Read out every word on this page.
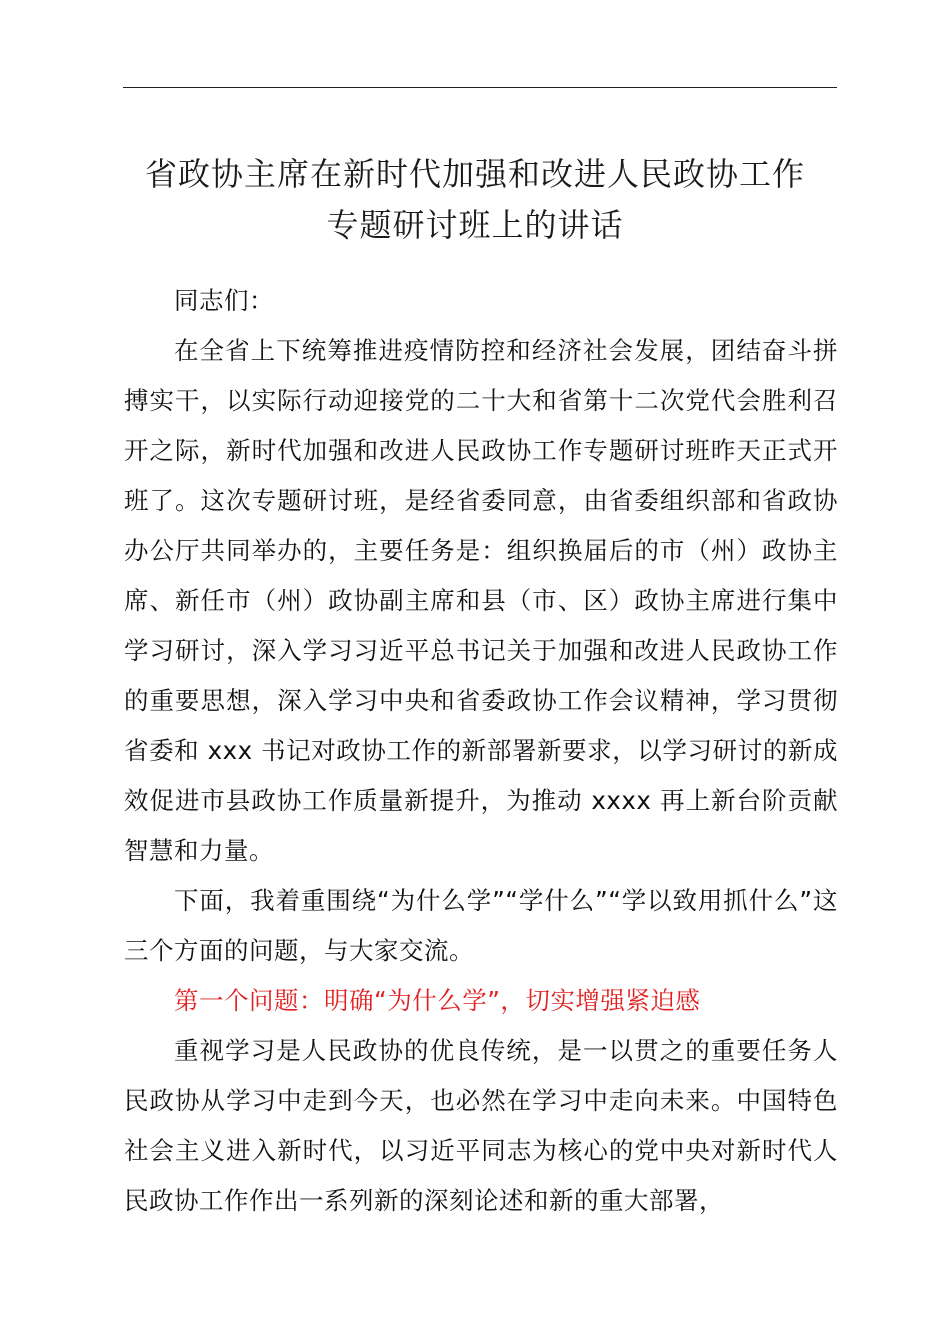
省政协主席在新时代加强和改进人民政协工作
专题研讨班上的讲话

同志们：

在全省上下统筹推进疫情防控和经济社会发展，团结奋斗拼搏实干，以实际行动迎接党的二十大和省第十二次党代会胜利召开之际，新时代加强和改进人民政协工作专题研讨班昨天正式开班了。这次专题研讨班，是经省委同意，由省委组织部和省政协办公厅共同举办的，主要任务是：组织换届后的市（州）政协主席、新任市（州）政协副主席和县（市、区）政协主席进行集中学习研讨，深入学习习近平总书记关于加强和改进人民政协工作的重要思想，深入学习中央和省委政协工作会议精神，学习贯彻省委和 xxx 书记对政协工作的新部署新要求，以学习研讨的新成效促进市县政协工作质量新提升，为推动 xxxx 再上新台阶贡献智慧和力量。

下面，我着重围绕“为什么学”“学什么”“学以致用抓什么”这三个方面的问题，与大家交流。

第一个问题：明确“为什么学”，切实增强紧迫感

重视学习是人民政协的优良传统，是一以贯之的重要任务人民政协从学习中走到今天，也必然在学习中走向未来。中国特色社会主义进入新时代，以习近平同志为核心的党中央对新时代人民政协工作作出一系列新的深刻论述和新的重大部署，
